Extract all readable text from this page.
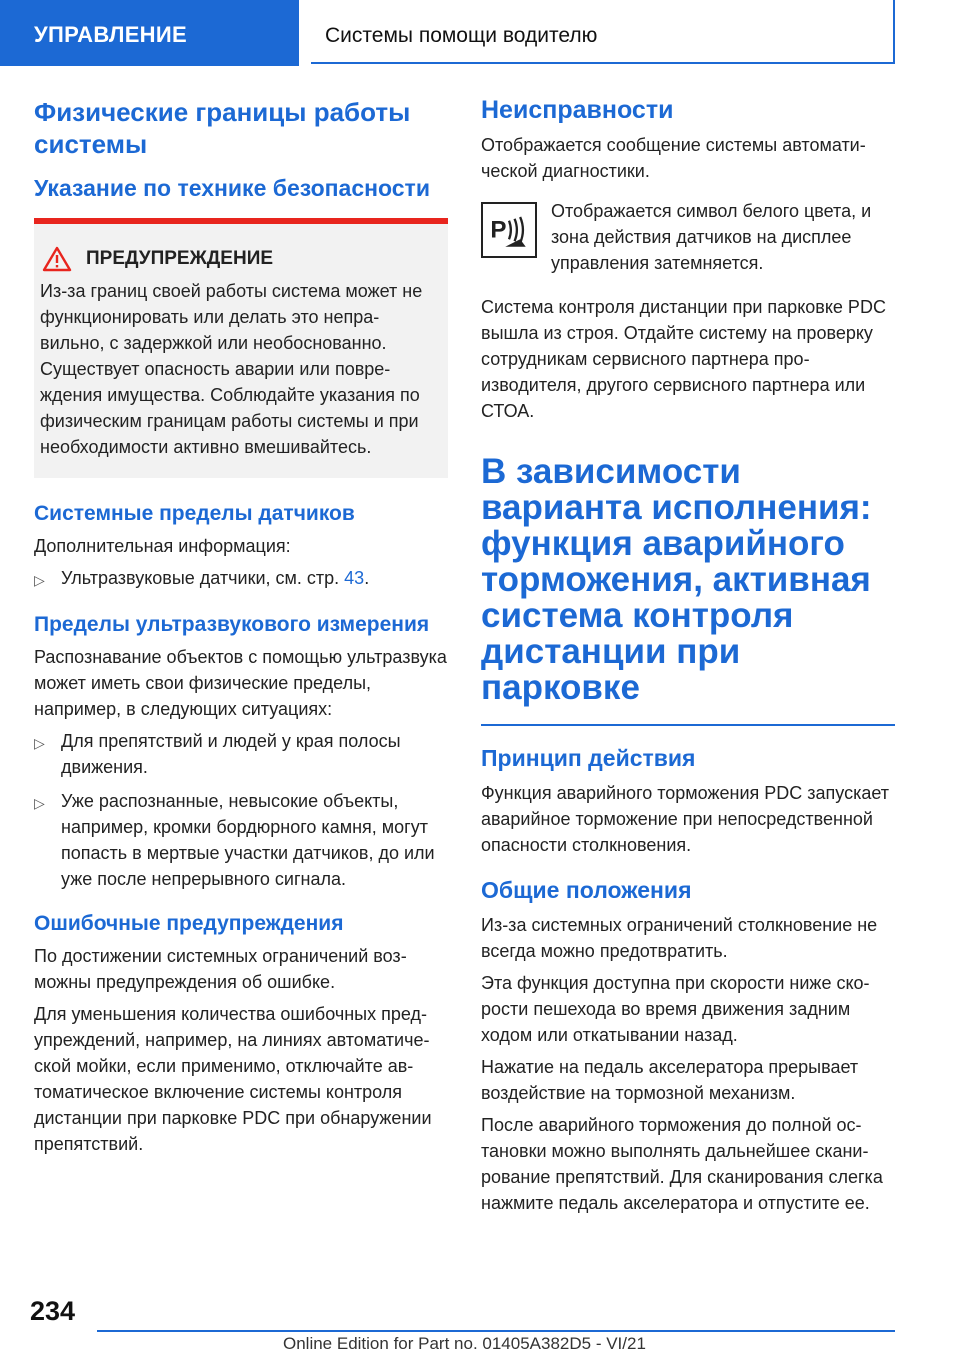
УПРАВЛЕНИЕ	Системы помощи водителю
Физические границы работы системы
Указание по технике безопасности
ПРЕДУПРЕЖДЕНИЕ

Из-за границ своей работы система может не функционировать или делать это неправильно, с задержкой или необоснованно. Существует опасность аварии или повреждения имущества. Соблюдайте указания по физическим границам работы системы и при необходимости активно вмешивайтесь.

Системные пределы датчиков
Дополнительная информация:
▷ Ультразвуковые датчики, см. стр. 43.
Пределы ультразвукового измерения
Распознавание объектов с помощью ультразвука может иметь свои физические пределы, например, в следующих ситуациях:
▷ Для препятствий и людей у края полосы движения.
▷ Уже распознанные, невысокие объекты, например, кромки бордюрного камня, могут попасть в мертвые участки датчиков, до или уже после непрерывного сигнала.
Ошибочные предупреждения
По достижении системных ограничений возможны предупреждения об ошибке.
Для уменьшения количества ошибочных предупреждений, например, на линиях автоматической мойки, если применимо, отключайте автоматическое включение системы контроля дистанции при парковке PDC при обнаружении препятствий.
Неисправности
Отображается сообщение системы автоматической диагностики.
P
Отображается символ белого цвета, и зона действия датчиков на дисплее управления затемняется.
Система контроля дистанции при парковке PDC вышла из строя. Отдайте систему на проверку сотрудникам сервисного партнера производителя, другого сервисного партнера или СТОА.
В зависимости варианта исполнения: функция аварийного торможения, активная система контроля дистанции при парковке
Принцип действия
Функция аварийного торможения PDC запускает аварийное торможение при непосредственной опасности столкновения.
Общие положения
Из-за системных ограничений столкновение не всегда можно предотвратить.
Эта функция доступна при скорости ниже скорости пешехода во время движения задним ходом или откатывании назад.
Нажатие на педаль акселератора прерывает воздействие на тормозной механизм.
После аварийного торможения до полной остановки можно выполнять дальнейшее сканирование препятствий. Для сканирования слегка нажмите педаль акселератора и отпустите ее.
234
Online Edition for Part no. 01405A382D5 - VI/21
